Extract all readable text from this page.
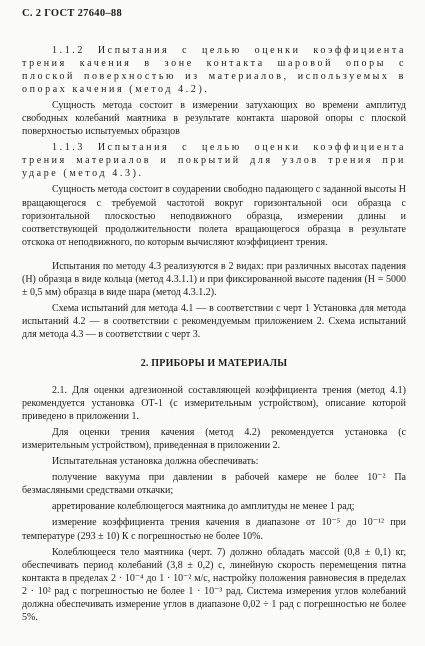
С. 2 ГОСТ 27640–88

1.1.2 Испытания с целью оценки коэффициента трения качения в зоне контакта шаровой опоры с плоской поверхностью из материалов, используемых в опорах качения (метод 4.2).

Сущность метода состоит в измерении затухающих во времени амплитуд свободных колебаний маятника в результате контакта шаровой опоры с плоской поверхностью испытуемых образцов

1.1.3 Испытания с целью оценки коэффициента трения материалов и покрытий для узлов трения при ударе (метод 4.3).

Сущность метода состоит в соударении свободно падающего с заданной высоты H вращающегося с требуемой частотой вокруг горизонтальной оси образца с горизонтальной плоскостью неподвижного образца, измерении длины и соответствующей продолжительности полета вращающегося образца в результате отскока от неподвижного, по которым вычисляют коэффициент трения.

Испытания по методу 4.3 реализуются в 2 видах: при различных высотах падения (H) образца в виде кольца (метод 4.3.1.1) и при фиксированной высоте падения (H = 5000 ± 0,5 мм) образца в виде шара (метод 4.3.1.2).

Схема испытаний для метода 4.1 — в соответствии с черт 1 Установка для метода испытаний 4.2 — в соответствии с рекомендуемым приложением 2. Схема испытаний для метода 4.3 — в соответствии с черт 3.

2. ПРИБОРЫ И МАТЕРИАЛЫ

2.1. Для оценки адгезионной составляющей коэффициента трения (метод 4.1) рекомендуется установка ОТ-1 (с измерительным устройством), описание которой приведено в приложении 1.

Для оценки трения качения (метод 4.2) рекомендуется установка (с измерительным устройством), приведенная в приложении 2.

Испытательная установка должна обеспечивать:

получение вакуума при давлении в рабочей камере не более 10⁻² Па безмасляными средствами откачки;

арретирование колеблющегося маятника до амплитуды не менее 1 рад;

измерение коэффициента трения качения в диапазоне от 10⁻⁵ до 10⁻¹² при температуре (293 ± 10) К с погрешностью не более 10%.

Колеблющееся тело маятника (черт. 7) должно обладать массой (0,8 ± 0,1) кг, обеспечивать период колебаний (3,8 ± 0,2) с, линейную скорость перемещения пятна контакта в пределах 2 · 10⁻⁴ до 1 · 10⁻² м/с, настройку положения равновесия в пределах 2 · 10² рад с погрешностью не более 1 · 10⁻³ рад. Система измерения углов колебаний должна обеспечивать измерение углов в диапазоне 0,02 ÷ 1 рад с погрешностью не более 5%.
